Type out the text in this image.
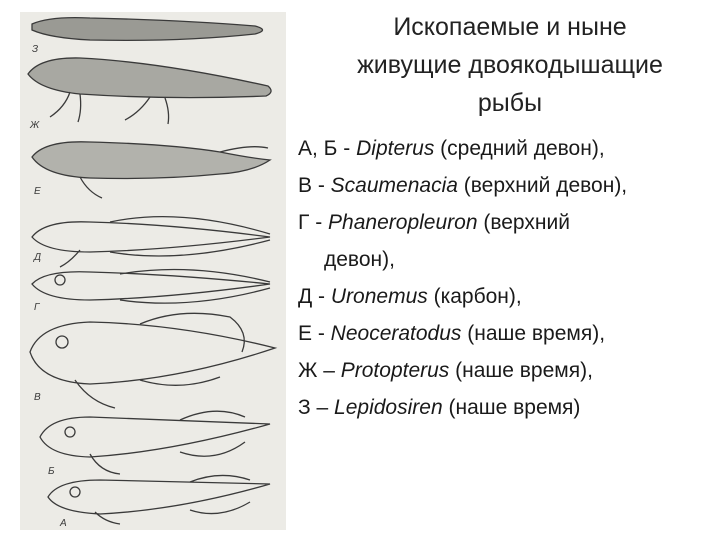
З
Ж
Е
Д
Г
В
Б
А
Ископаемые и ныне
живущие двоякодышащие
рыбы
А, Б - Dipterus (средний девон),
В - Scaumenacia (верхний девон),
Г - Phaneropleuron (верхний
девон),
Д - Uronemus (карбон),
Е - Neoceratodus (наше время),
Ж – Protopterus (наше время),
З – Lepidosiren (наше время)
